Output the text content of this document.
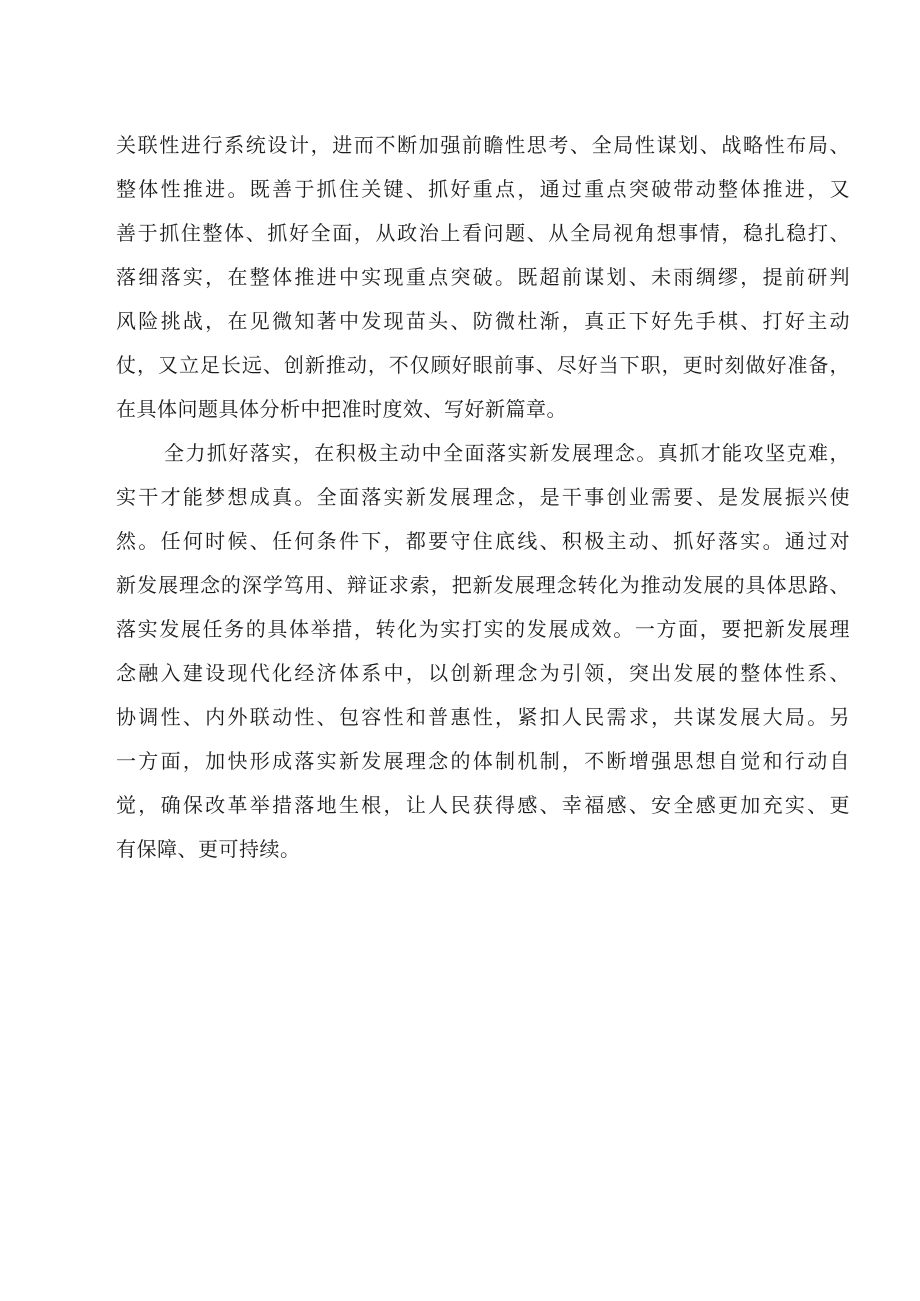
关联性进行系统设计，进而不断加强前瞻性思考、全局性谋划、战略性布局、
整体性推进。既善于抓住关键、抓好重点，通过重点突破带动整体推进，又
善于抓住整体、抓好全面，从政治上看问题、从全局视角想事情，稳扎稳打、
落细落实，在整体推进中实现重点突破。既超前谋划、未雨绸缪，提前研判
风险挑战，在见微知著中发现苗头、防微杜渐，真正下好先手棋、打好主动
仗，又立足长远、创新推动，不仅顾好眼前事、尽好当下职，更时刻做好准备，
在具体问题具体分析中把准时度效、写好新篇章。
全力抓好落实，在积极主动中全面落实新发展理念。真抓才能攻坚克难，
实干才能梦想成真。全面落实新发展理念，是干事创业需要、是发展振兴使
然。任何时候、任何条件下，都要守住底线、积极主动、抓好落实。通过对
新发展理念的深学笃用、辩证求索，把新发展理念转化为推动发展的具体思路、
落实发展任务的具体举措，转化为实打实的发展成效。一方面，要把新发展理
念融入建设现代化经济体系中，以创新理念为引领，突出发展的整体性系、
协调性、内外联动性、包容性和普惠性，紧扣人民需求，共谋发展大局。另
一方面，加快形成落实新发展理念的体制机制，不断增强思想自觉和行动自
觉，确保改革举措落地生根，让人民获得感、幸福感、安全感更加充实、更
有保障、更可持续。
